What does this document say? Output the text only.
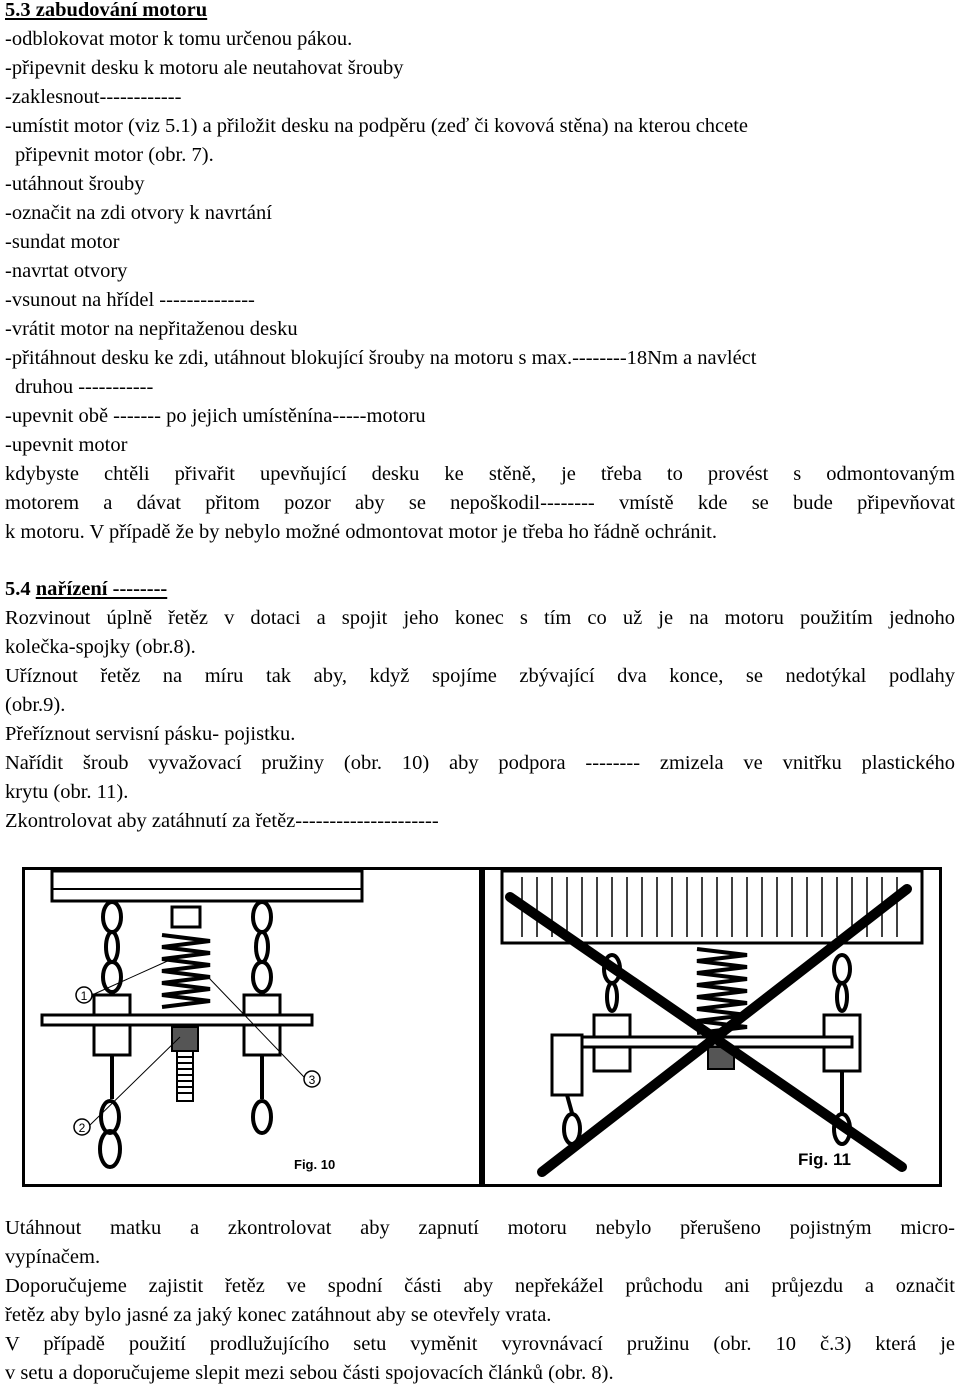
5.3 zabudování motoru
-odblokovat motor k tomu určenou pákou.
-připevnit desku k motoru ale neutahovat šrouby
-zaklesnout------------
-umístit motor (viz 5.1) a přiložit desku na podpěru (zeď či kovová stěna) na kterou chcete
připevnit motor (obr. 7).
-utáhnout šrouby
-označit na zdi otvory k navrtání
-sundat motor
-navrtat otvory
-vsunout na hřídel --------------
-vrátit motor na nepřitaženou desku
-přitáhnout desku ke zdi, utáhnout blokující šrouby na motoru s max.--------18Nm a navléct
druhou -----------
-upevnit obě ------- po jejich umístěnína-----motoru
-upevnit motor
kdybyste chtěli přivařit upevňující desku ke stěně, je třeba to provést s odmontovaným
motorem a dávat přitom pozor aby se nepoškodil-------- vmístě kde se bude připevňovat
k motoru. V případě že by nebylo možné odmontovat motor je třeba ho řádně ochránit.
5.4 nařízení --------
Rozvinout úplně řetěz v dotaci a spojit jeho konec s tím co už je na motoru použitím jednoho
kolečka-spojky (obr.8).
Uříznout řetěz na míru tak aby, když spojíme zbývající dva konce, se nedotýkal podlahy
(obr.9).
Přeříznout servisní pásku- pojistku.
Nařídit šroub vyvažovací pružiny (obr. 10) aby podpora -------- zmizela ve vnitřku plastického
krytu (obr. 11).
Zkontrolovat aby zatáhnutí za řetěz---------------------
1
2
3
Fig. 10	Fig. 11
Utáhnout matku a zkontrolovat aby zapnutí motoru nebylo přerušeno pojistným micro-
vypínačem.
Doporučujeme zajistit řetěz ve spodní části aby nepřekážel průchodu ani průjezdu a označit
řetěz aby bylo jasné za jaký konec zatáhnout aby se otevřely vrata.
V případě použití prodlužujícího setu vyměnit vyrovnávací pružinu (obr. 10 č.3) která je
v setu a doporučujeme slepit mezi sebou části spojovacích článků (obr. 8).
